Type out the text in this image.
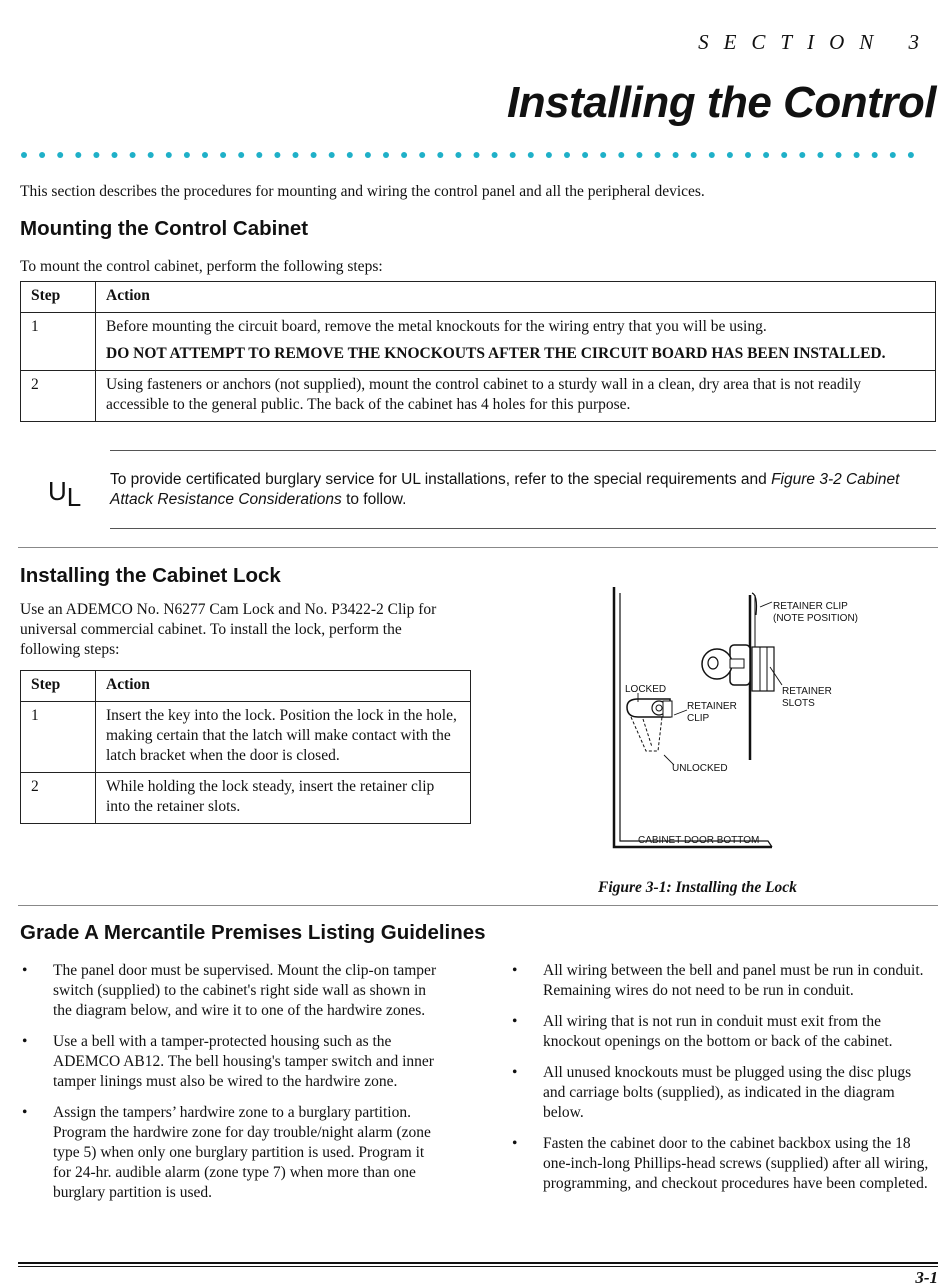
SECTION 3
Installing the Control
This section describes the procedures for mounting and wiring the control panel and all the peripheral devices.
Mounting the Control Cabinet
To mount the control cabinet, perform the following steps:
Step	Action
1	Before mounting the circuit board, remove the metal knockouts for the wiring entry that you will be using.
DO NOT ATTEMPT TO REMOVE THE KNOCKOUTS AFTER THE CIRCUIT BOARD HAS BEEN INSTALLED.

2	Using fasteners or anchors (not supplied), mount the control cabinet to a sturdy wall in a clean, dry area that is not readily accessible to the general public. The back of the cabinet has 4 holes for this purpose.
UL
To provide certificated burglary service for UL installations, refer to the special requirements and Figure 3-2 Cabinet Attack Resistance Considerations to follow.
Installing the Cabinet Lock
Use an ADEMCO No. N6277 Cam Lock and No. P3422-2 Clip for universal commercial cabinet. To install the lock, perform the following steps:
Step	Action
1	Insert the key into the lock. Position the lock in the hole, making certain that the latch will make contact with the latch bracket when the door is closed.
2	While holding the lock steady, insert the retainer clip into the retainer slots.
RETAINER CLIP
(NOTE POSITION)
RETAINER
SLOTS
LOCKED
RETAINER
CLIP
UNLOCKED
CABINET DOOR BOTTOM
Figure 3-1: Installing the Lock
Grade A Mercantile Premises Listing Guidelines
• The panel door must be supervised. Mount the clip-on tamper switch (supplied) to the cabinet's right side wall as shown in the diagram below, and wire it to one of the hardwire zones.
• Use a bell with a tamper-protected housing such as the ADEMCO AB12. The bell housing's tamper switch and inner tamper linings must also be wired to the hardwire zone.
• Assign the tampers’ hardwire zone to a burglary partition. Program the hardwire zone for day trouble/night alarm (zone type 5) when only one burglary partition is used. Program it for 24-hr. audible alarm (zone type 7) when more than one burglary partition is used.
• All wiring between the bell and panel must be run in conduit. Remaining wires do not need to be run in conduit.
• All wiring that is not run in conduit must exit from the knockout openings on the bottom or back of the cabinet.
• All unused knockouts must be plugged using the disc plugs and carriage bolts (supplied), as indicated in the diagram below.
• Fasten the cabinet door to the cabinet backbox using the 18 one-inch-long Phillips-head screws (supplied) after all wiring, programming, and checkout procedures have been completed.
3-1
